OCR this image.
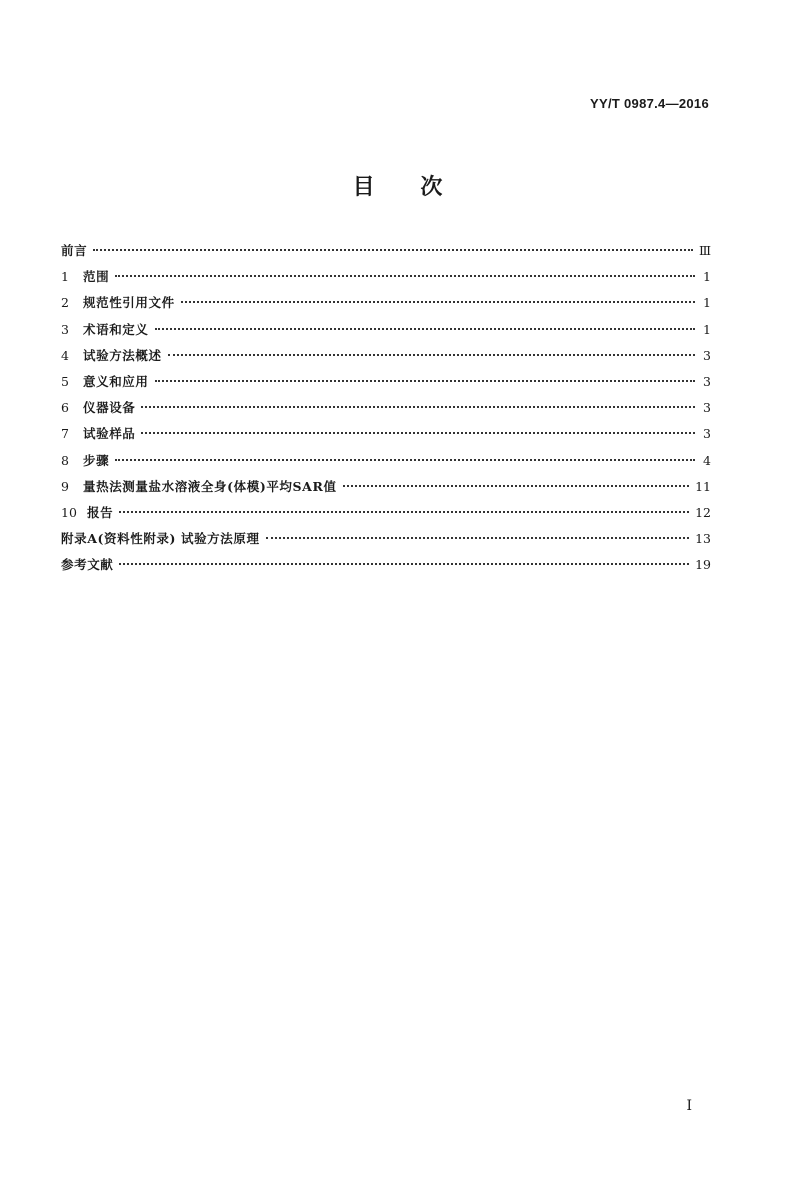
YY/T 0987.4—2016
目 次
前言	Ⅲ
1	范围	1
2	规范性引用文件	1
3	术语和定义	1
4	试验方法概述	3
5	意义和应用	3
6	仪器设备	3
7	试验样品	3
8	步骤	4
9	量热法测量盐水溶液全身(体模)平均SAR值	11
10 报告	12
附录A(资料性附录) 试验方法原理	13
参考文献	19
I
